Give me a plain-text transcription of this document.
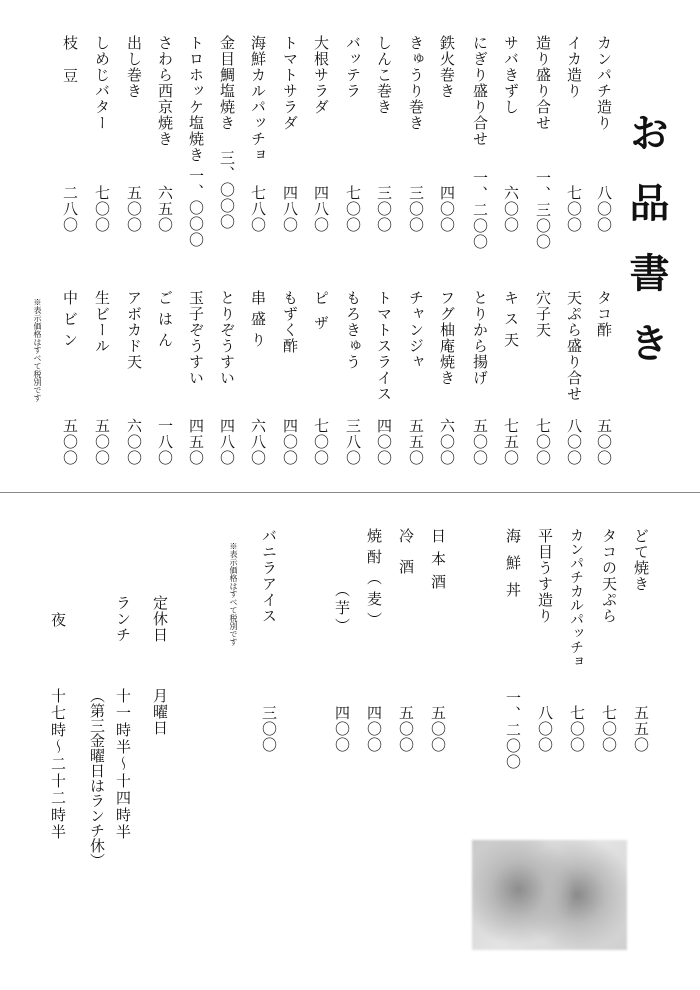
お品書き
カンパチ造り
八〇〇
イカ造り
七〇〇
造り盛り合せ
一、三〇〇
サバきずし
六〇〇
にぎり盛り合せ
一、二〇〇
鉄火巻き
四〇〇
きゅうり巻き
三〇〇
しんこ巻き
三〇〇
バッテラ
七〇〇
大根サラダ
四八〇
トマトサラダ
四八〇
海鮮カルパッチョ
七八〇
金目鯛塩焼き
三、〇〇〇
トロホッケ塩焼き
一、〇〇〇
さわら西京焼き
六五〇
出し巻き
五〇〇
しめじバター
七〇〇
枝豆
二八〇
タコ酢
五〇〇
天ぷら盛り合せ
八〇〇
穴子天
七〇〇
キス天
七五〇
とりから揚げ
五〇〇
フグ柚庵焼き
六〇〇
チャンジャ
五五〇
トマトスライス
四〇〇
もろきゅう
三八〇
ピザ
七〇〇
もずく酢
四〇〇
串盛り
六八〇
とりぞうすい
四八〇
玉子ぞうすい
四五〇
ごはん
一八〇
アボカド天
六〇〇
生ビール
五〇〇
中ビン
五〇〇
※表示価格はすべて税別です
どて焼き
五五〇
タコの天ぷら
七〇〇
カンパチカルパッチョ
七〇〇
平目うす造り
八〇〇
海鮮丼
一、二〇〇
日本酒
五〇〇
冷酒
五〇〇
焼酎（麦）
四〇〇
（芋）
四〇〇
バニラアイス
三〇〇
※表示価格はすべて税別です
定休日
月曜日
ランチ
十一時半〜十四時半
（第三金曜日はランチ休）
夜
十七時〜二十二時半
